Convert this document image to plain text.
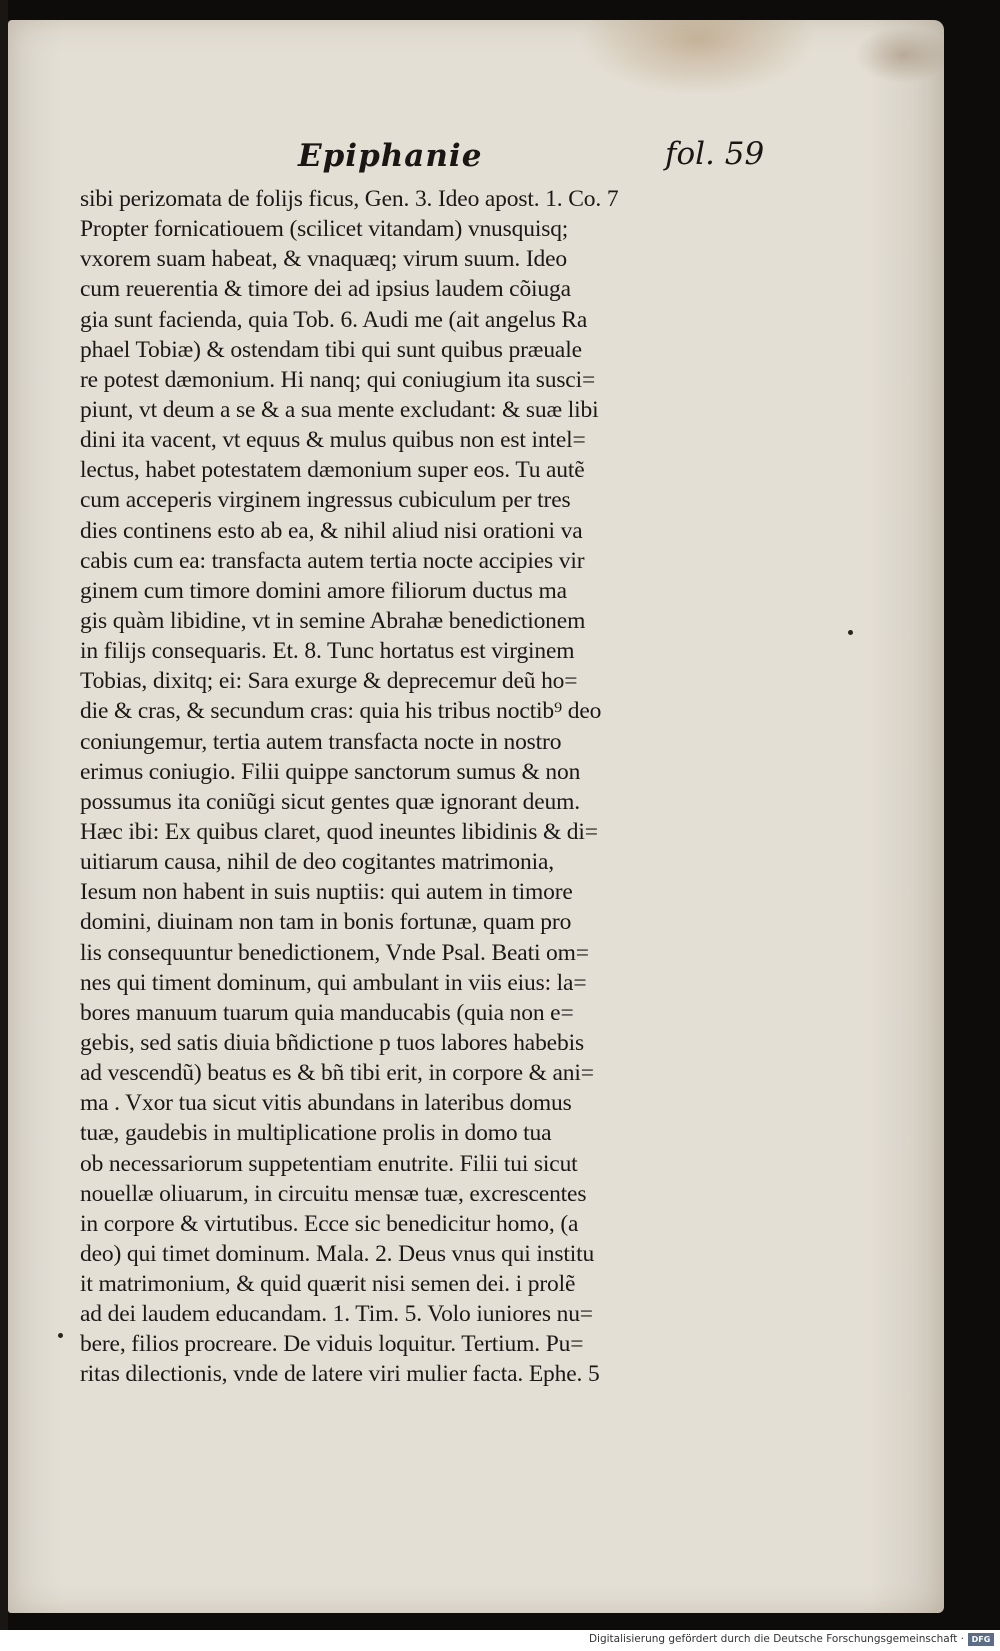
Epiphanie	fol. 59
sibi perizomata de folijs ficus, Gen. 3. Ideo apost. 1. Co. 7
Propter fornicatiouem (scilicet vitandam) vnusquisq;
vxorem suam habeat, & vnaquæq; virum suum. Ideo
cum reuerentia & timore dei ad ipsius laudem cõiuga
gia sunt facienda, quia Tob. 6. Audi me (ait angelus Ra
phael Tobiæ) & ostendam tibi qui sunt quibus præuale
re potest dæmonium. Hi nanq; qui coniugium ita susci=
piunt, vt deum a se & a sua mente excludant: & suæ libi
dini ita vacent, vt equus & mulus quibus non est intel=
lectus, habet potestatem dæmonium super eos. Tu autẽ
cum acceperis virginem ingressus cubiculum per tres
dies continens esto ab ea, & nihil aliud nisi orationi va
cabis cum ea: transfacta autem tertia nocte accipies vir
ginem cum timore domini amore filiorum ductus ma
gis quàm libidine, vt in semine Abrahæ benedictionem
in filijs consequaris. Et. 8. Tunc hortatus est virginem
Tobias, dixitq; ei: Sara exurge & deprecemur deũ ho=
die & cras, & secundum cras: quia his tribus noctib⁹ deo
coniungemur, tertia autem transfacta nocte in nostro
erimus coniugio. Filii quippe sanctorum sumus & non
possumus ita coniũgi sicut gentes quæ ignorant deum.
Hæc ibi: Ex quibus claret, quod ineuntes libidinis & di=
uitiarum causa, nihil de deo cogitantes matrimonia,
Iesum non habent in suis nuptiis: qui autem in timore
domini, diuinam non tam in bonis fortunæ, quam pro
lis consequuntur benedictionem, Vnde Psal. Beati om=
nes qui timent dominum, qui ambulant in viis eius: la=
bores manuum tuarum quia manducabis (quia non e=
gebis, sed satis diuia bñdictione p tuos labores habebis
ad vescendũ) beatus es & bñ tibi erit, in corpore & ani=
ma . Vxor tua sicut vitis abundans in lateribus domus
tuæ, gaudebis in multiplicatione prolis in domo tua
ob necessariorum suppetentiam enutrite. Filii tui sicut
nouellæ oliuarum, in circuitu mensæ tuæ, excrescentes
in corpore & virtutibus. Ecce sic benedicitur homo, (a
deo) qui timet dominum. Mala. 2. Deus vnus qui institu
it matrimonium, & quid quærit nisi semen dei. i prolẽ
ad dei laudem educandam. 1. Tim. 5. Volo iuniores nu=
bere, filios procreare. De viduis loquitur. Tertium. Pu=
ritas dilectionis, vnde de latere viri mulier facta. Ephe. 5
Digitalisierung gefördert durch die Deutsche Forschungsgemeinschaft · DFG
